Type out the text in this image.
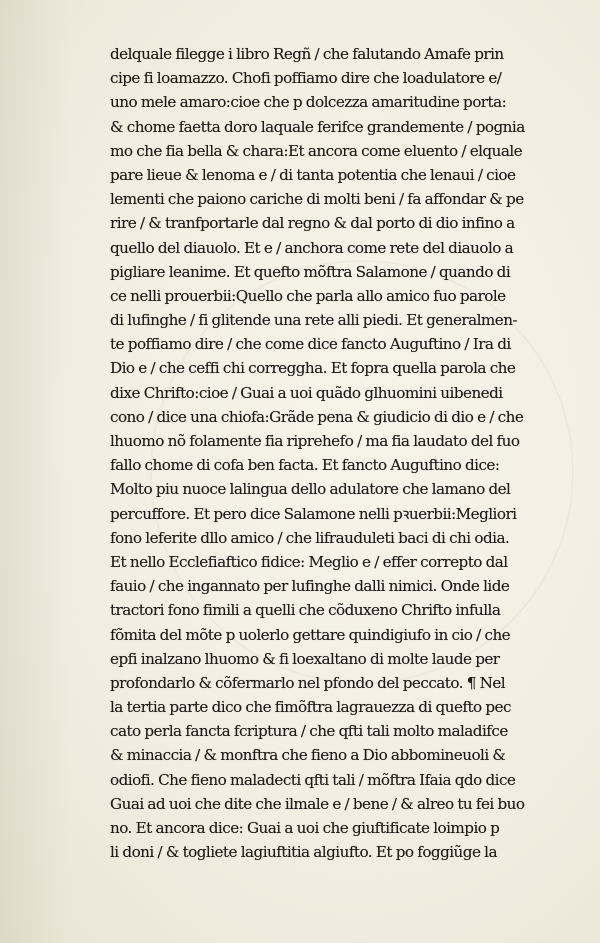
delquale filegge i libro Regñ / che falutando Amafe prin
cipe fi loamazzo. Chofi poffiamo dire che loadulatore e/
uno mele amaro:cioe che p dolcezza amaritudine porta:
& chome faetta doro laquale ferifce grandemente / pognia
mo che fia bella & chara:Et ancora come eluento / elquale
pare lieue & lenoma e / di tanta potentia che lenaui / cioe
lementi che paiono cariche di molti beni / fa affondar & pe
rire / & tranfportarle dal regno & dal porto di dio infino a
quello del diauolo. Et e / anchora come rete del diauolo a
pigliare leanime. Et quefto mõftra Salamone / quando di
ce nelli prouerbii:Quello che parla allo amico fuo parole
di lufinghe / fi glitende una rete alli piedi. Et generalmen-
te poffiamo dire / che come dice fancto Auguftino / Ira di
Dio e / che ceffi chi correggha. Et fopra quella parola che
dixe Chrifto:cioe / Guai a uoi quãdo glhuomini uibenedi
cono / dice una chiofa:Grãde pena & giudicio di dio e / che
lhuomo nõ folamente fia riprehefo / ma fia laudato del fuo
fallo chome di cofa ben facta. Et fancto Auguftino dice:
Molto piu nuoce lalingua dello adulatore che lamano del
percuffore. Et pero dice Salamone nelli pꝛuerbii:Megliori
fono leferite dllo amico / che lifrauduleti baci di chi odia.
Et nello Ecclefiaftico fidice: Meglio e / effer correpto dal
fauio / che ingannato per lufinghe dalli nimici. Onde lide
tractori fono fimili a quelli che cõduxeno Chrifto infulla
fõmita del mõte p uolerlo gettare quindigiufo in cio / che
epfi inalzano lhuomo & fi loexaltano di molte laude per
profondarlo & cõfermarlo nel pfondo del peccato. ¶ Nel
la tertia parte dico che fimõftra lagrauezza di quefto pec
cato perla fancta fcriptura / che qfti tali molto maladifce
& minaccia / & monftra che fieno a Dio abbomineuoli &
odiofi. Che fieno maladecti qfti tali / mõftra Ifaia qdo dice
Guai ad uoi che dite che ilmale e / bene / & alreo tu fei buo
no. Et ancora dice: Guai a uoi che giuftificate loimpio p
li doni / & togliete lagiuftitia algiufto. Et po foggiũge la
